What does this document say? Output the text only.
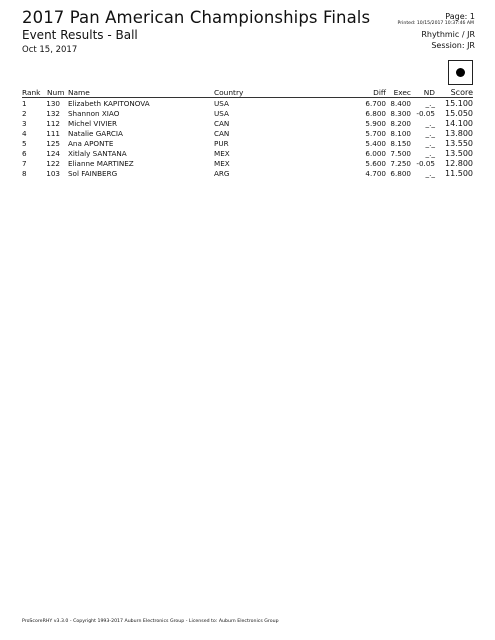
2017 Pan American Championships Finals
Event Results - Ball
Oct 15, 2017
Page: 1
Printed: 10/15/2017 10:37:46 AM
Rhythmic / JR
Session: JR
Rank Num Name	Country	Diff Exec ND Score
1	130 Elizabeth KAPITONOVA	USA	6.700 8.400 _._ 15.100
2	132 Shannon XIAO	USA	6.800 8.300 -0.05 15.050
3	112 Michel VIVIER	CAN	5.900 8.200 _._ 14.100
4	111 Natalie GARCIA	CAN	5.700 8.100 _._ 13.800
5	125 Ana APONTE	PUR	5.400 8.150 _._ 13.550
6	124 Xitlaly SANTANA	MEX	6.000 7.500 _._ 13.500
7	122 Elianne MARTINEZ	MEX	5.600 7.250 -0.05 12.800
8	103 Sol FAINBERG	ARG	4.700 6.800 _._ 11.500
ProScoreRHY v3.3.0 - Copyright 1993-2017 Auburn Electronics Group - Licensed to: Auburn Electronics Group
